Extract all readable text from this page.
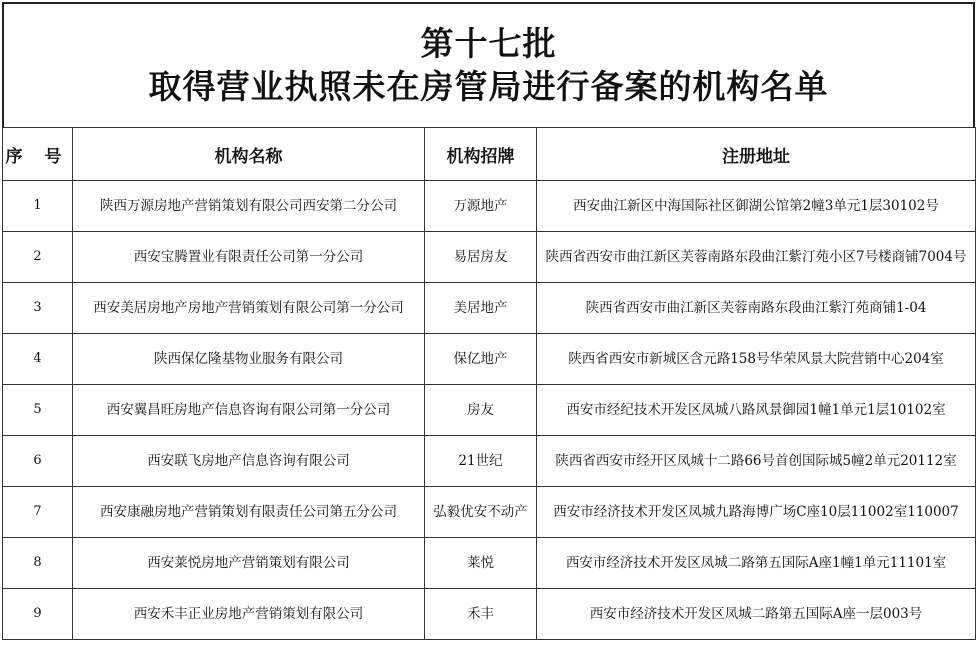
第十七批
取得营业执照未在房管局进行备案的机构名单
序 号	机构名称	机构招牌	注册地址
1	陕西万源房地产营销策划有限公司西安第二分公司	万源地产	西安曲江新区中海国际社区御湖公馆第2幢3单元1层30102号
2	西安宝腾置业有限责任公司第一分公司	易居房友	陕西省西安市曲江新区芙蓉南路东段曲江紫汀苑小区7号楼商铺7004号
3	西安美居房地产房地产营销策划有限公司第一分公司	美居地产	陕西省西安市曲江新区芙蓉南路东段曲江紫汀苑商铺1-04
4	陕西保亿隆基物业服务有限公司	保亿地产	陕西省西安市新城区含元路158号华荣风景大院营销中心204室
5	西安翼昌旺房地产信息咨询有限公司第一分公司	房友	西安市经纪技术开发区凤城八路风景御园1幢1单元1层10102室
6	西安联飞房地产信息咨询有限公司	21世纪	陕西省西安市经开区凤城十二路66号首创国际城5幢2单元20112室
7	西安康融房地产营销策划有限责任公司第五分公司	弘毅优安不动产	西安市经济技术开发区凤城九路海博广场C座10层11002室110007
8	西安莱悦房地产营销策划有限公司	莱悦	西安市经济技术开发区凤城二路第五国际A座1幢1单元11101室
9	西安禾丰正业房地产营销策划有限公司	禾丰	西安市经济技术开发区凤城二路第五国际A座一层003号
